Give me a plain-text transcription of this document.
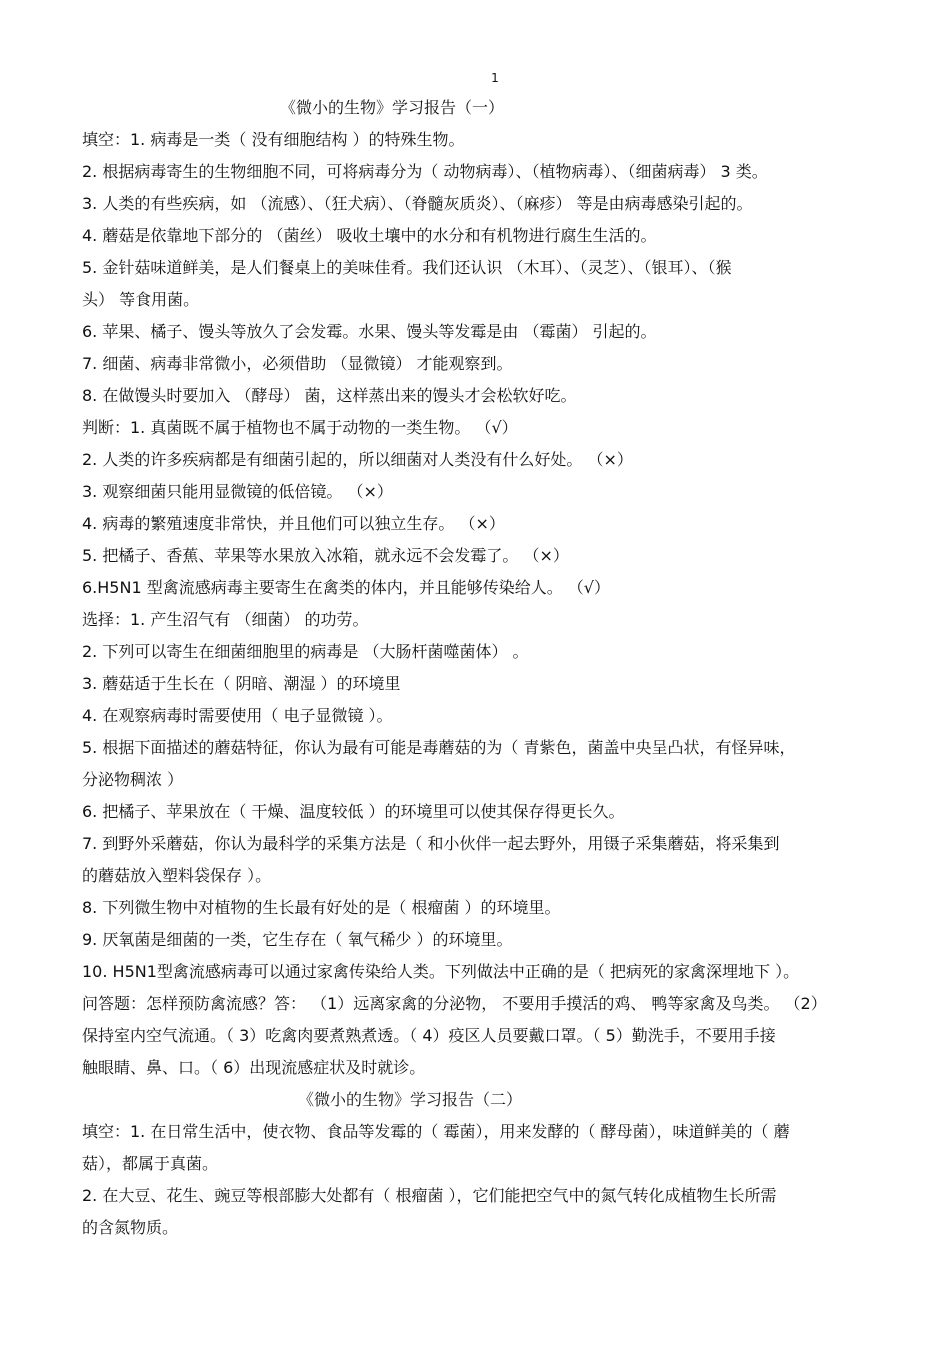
1
《微小的生物》学习报告（一）
填空：1. 病毒是一类（ 没有细胞结构 ）的特殊生物。
2. 根据病毒寄生的生物细胞不同，可将病毒分为（ 动物病毒）、（植物病毒）、（细菌病毒） 3 类。
3. 人类的有些疾病，如 （流感）、（狂犬病）、（脊髓灰质炎）、（麻疹） 等是由病毒感染引起的。
4. 蘑菇是依靠地下部分的 （菌丝） 吸收土壤中的水分和有机物进行腐生生活的。
5. 金针菇味道鲜美，是人们餐桌上的美味佳肴。我们还认识 （木耳）、（灵芝）、（银耳）、（猴
头） 等食用菌。
6. 苹果、橘子、馒头等放久了会发霉。水果、馒头等发霉是由 （霉菌） 引起的。
7. 细菌、病毒非常微小，必须借助 （显微镜） 才能观察到。
8. 在做馒头时要加入 （酵母） 菌，这样蒸出来的馒头才会松软好吃。
判断：1. 真菌既不属于植物也不属于动物的一类生物。 （√）
2. 人类的许多疾病都是有细菌引起的，所以细菌对人类没有什么好处。 （×）
3. 观察细菌只能用显微镜的低倍镜。 （×）
4. 病毒的繁殖速度非常快，并且他们可以独立生存。 （×）
5. 把橘子、香蕉、苹果等水果放入冰箱，就永远不会发霉了。 （×）
6.H5N1 型禽流感病毒主要寄生在禽类的体内，并且能够传染给人。 （√）
选择：1. 产生沼气有 （细菌） 的功劳。
2. 下列可以寄生在细菌细胞里的病毒是 （大肠杆菌噬菌体） 。
3. 蘑菇适于生长在（ 阴暗、潮湿 ）的环境里
4. 在观察病毒时需要使用（ 电子显微镜 ）。
5. 根据下面描述的蘑菇特征，你认为最有可能是毒蘑菇的为（ 青紫色，菌盖中央呈凸状，有怪异味，
分泌物稠浓 ）
6. 把橘子、苹果放在（ 干燥、温度较低 ）的环境里可以使其保存得更长久。
7. 到野外采蘑菇，你认为最科学的采集方法是（ 和小伙伴一起去野外，用镊子采集蘑菇，将采集到
的蘑菇放入塑料袋保存 ）。
8. 下列微生物中对植物的生长最有好处的是（ 根瘤菌 ）的环境里。
9. 厌氧菌是细菌的一类，它生存在（ 氧气稀少 ）的环境里。
10. H5N1型禽流感病毒可以通过家禽传染给人类。下列做法中正确的是（ 把病死的家禽深埋地下 ）。
问答题：怎样预防禽流感？答： （1）远离家禽的分泌物， 不要用手摸活的鸡、 鸭等家禽及鸟类。 （2）
保持室内空气流通。（ 3）吃禽肉要煮熟煮透。（ 4）疫区人员要戴口罩。（ 5）勤洗手，不要用手接
触眼睛、鼻、口。（ 6）出现流感症状及时就诊。
《微小的生物》学习报告（二）
填空：1. 在日常生活中，使衣物、食品等发霉的（ 霉菌），用来发酵的（ 酵母菌），味道鲜美的（ 蘑
菇），都属于真菌。
2. 在大豆、花生、豌豆等根部膨大处都有（ 根瘤菌 ），它们能把空气中的氮气转化成植物生长所需
的含氮物质。
